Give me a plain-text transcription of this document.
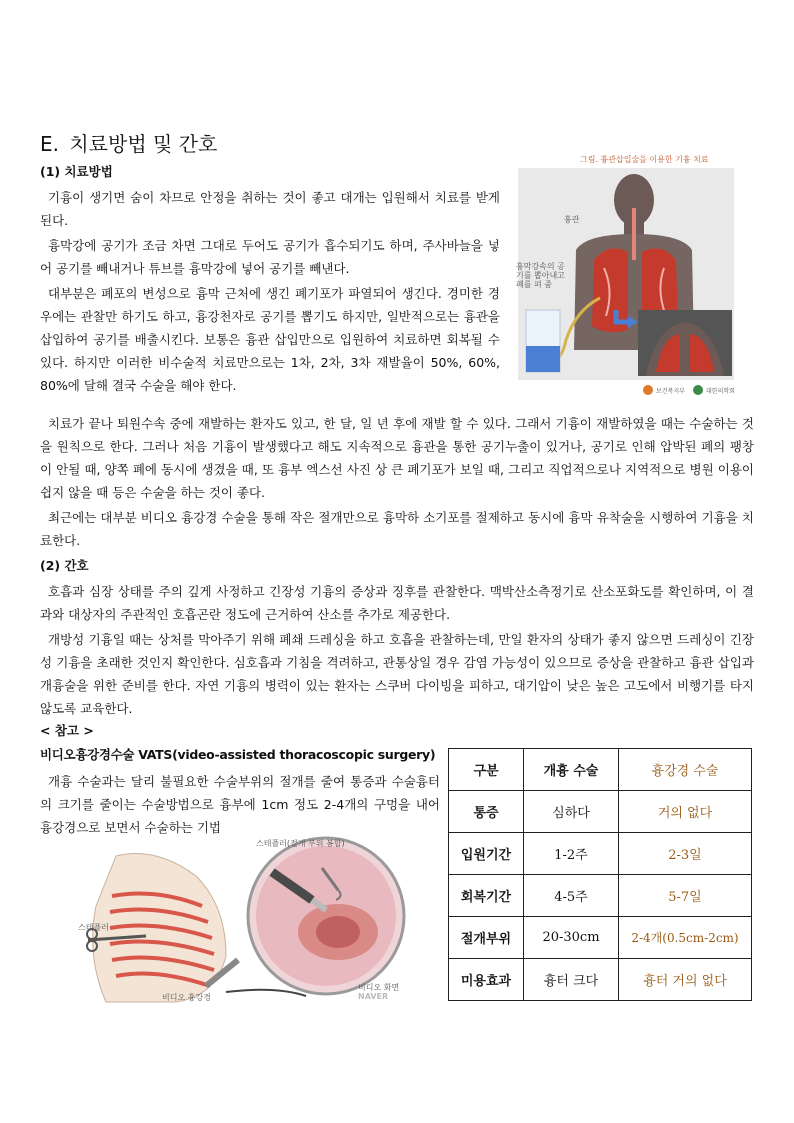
E. 치료방법 및 간호
(1) 치료방법
기흉이 생기면 숨이 차므로 안정을 취하는 것이 좋고 대개는 입원해서 치료를 받게 된다.
흉막강에 공기가 조금 차면 그대로 두어도 공기가 흡수되기도 하며, 주사바늘을 넣어 공기를 빼내거나 튜브를 흉막강에 넣어 공기를 빼낸다.
대부분은 폐포의 변성으로 흉막 근처에 생긴 폐기포가 파열되어 생긴다. 경미한 경우에는 관찰만 하기도 하고, 흉강천자로 공기를 뽑기도 하지만, 일반적으로는 흉관을 삽입하여 공기를 배출시킨다. 보통은 흉관 삽입만으로 입원하여 치료하면 회복될 수 있다. 하지만 이러한 비수술적 치료만으로는 1차, 2차, 3차 재발율이 50%, 60%, 80%에 달해 결국 수술을 해야 한다.
그림. 흉관삽입술을 이용한 기흉 치료
흉관
흉막강속의 공기를 뽑아내고 폐를 펴 줌
보건복지부	대한의학회
치료가 끝나 퇴원수속 중에 재발하는 환자도 있고, 한 달, 일 년 후에 재발 할 수 있다. 그래서 기흉이 재발하였을 때는 수술하는 것을 원칙으로 한다. 그러나 처음 기흉이 발생했다고 해도 지속적으로 흉관을 통한 공기누출이 있거나, 공기로 인해 압박된 폐의 팽창이 안될 때, 양쪽 폐에 동시에 생겼을 때, 또 흉부 엑스선 사진 상 큰 폐기포가 보일 때, 그리고 직업적으로나 지역적으로 병원 이용이 쉽지 않을 때 등은 수술을 하는 것이 좋다.
최근에는 대부분 비디오 흉강경 수술을 통해 작은 절개만으로 흉막하 소기포를 절제하고 동시에 흉막 유착술을 시행하여 기흉을 치료한다.
(2) 간호
호흡과 심장 상태를 주의 깊게 사정하고 긴장성 기흉의 증상과 징후를 관찰한다. 맥박산소측정기로 산소포화도를 확인하며, 이 결과와 대상자의 주관적인 호흡곤란 정도에 근거하여 산소를 추가로 제공한다.
개방성 기흉일 때는 상처를 막아주기 위해 폐쇄 드레싱을 하고 호흡을 관찰하는데, 만일 환자의 상태가 좋지 않으면 드레싱이 긴장성 기흉을 초래한 것인지 확인한다. 심호흡과 기침을 격려하고, 관통상일 경우 감염 가능성이 있으므로 증상을 관찰하고 흉관 삽입과 개흉술을 위한 준비를 한다. 자연 기흉의 병력이 있는 환자는 스쿠버 다이빙을 피하고, 대기압이 낮은 높은 고도에서 비행기를 타지 않도록 교육한다.
< 참고 >
비디오흉강경수술 VATS(video-assisted thoracoscopic surgery)
개흉 수술과는 달리 불필요한 수술부위의 절개를 줄여 통증과 수술흉터의 크기를 줄이는 수술방법으로 흉부에 1cm 정도 2-4개의 구멍을 내어 흉강경으로 보면서 수술하는 기법
스테플러(절개 부위 봉합)
스테플러
비디오 흉강경
비디오 화면
NAVER
구분	개흉 수술	흉강경 수술
통증	심하다	거의 없다
입원기간	1-2주	2-3일
회복기간	4-5주	5-7일
절개부위	20-30cm	2-4개(0.5cm-2cm)
미용효과	흉터 크다	흉터 거의 없다
